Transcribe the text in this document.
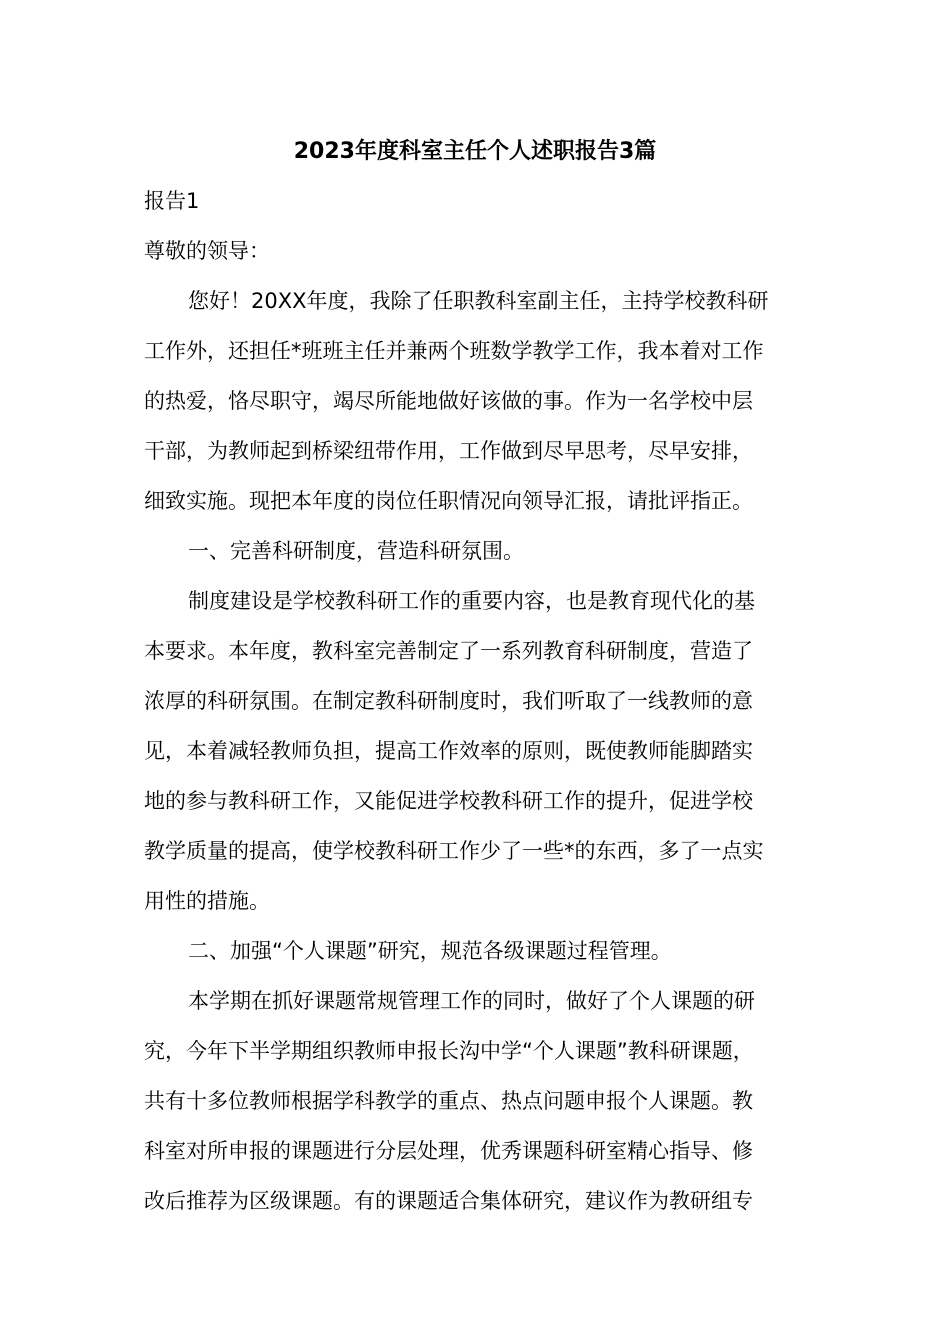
2023年度科室主任个人述职报告3篇
报告1
尊敬的领导：
您好！20XX年度，我除了任职教科室副主任，主持学校教科研
工作外，还担任*班班主任并兼两个班数学教学工作，我本着对工作
的热爱，恪尽职守，竭尽所能地做好该做的事。作为一名学校中层
干部，为教师起到桥梁纽带作用，工作做到尽早思考，尽早安排，
细致实施。现把本年度的岗位任职情况向领导汇报，请批评指正。
一、完善科研制度，营造科研氛围。
制度建设是学校教科研工作的重要内容，也是教育现代化的基
本要求。本年度，教科室完善制定了一系列教育科研制度，营造了
浓厚的科研氛围。在制定教科研制度时，我们听取了一线教师的意
见，本着减轻教师负担，提高工作效率的原则，既使教师能脚踏实
地的参与教科研工作，又能促进学校教科研工作的提升，促进学校
教学质量的提高，使学校教科研工作少了一些*的东西，多了一点实
用性的措施。
二、加强“个人课题”研究，规范各级课题过程管理。
本学期在抓好课题常规管理工作的同时，做好了个人课题的研
究，今年下半学期组织教师申报长沟中学“个人课题”教科研课题，
共有十多位教师根据学科教学的重点、热点问题申报个人课题。教
科室对所申报的课题进行分层处理，优秀课题科研室精心指导、修
改后推荐为区级课题。有的课题适合集体研究，建议作为教研组专
